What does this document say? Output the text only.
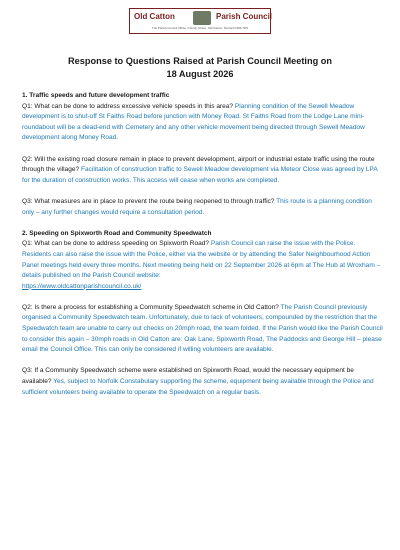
Old Catton	Parish Council
The Parish Council Office, Church Street, Old Catton, Norwich NR6 7DS
Response to Questions Raised at Parish Council Meeting on
18 August 2026

1. Traffic speeds and future development traffic

Q1: What can be done to address excessive vehicle speeds in this area? Planning condition of the Sewell Meadow development is to shut-off St Faiths Road before junction with Money Road. St Faiths Road from the Lodge Lane mini-roundabout will be a dead-end with Cemetery and any other vehicle movement being directed through Sewell Meadow development along Money Road.

Q2: Will the existing road closure remain in place to prevent development, airport or industrial estate traffic using the route through the village? Facilitation of construction traffic to Sewell Meadow development via Meteor Close was agreed by LPA for the duration of construction works. This access will cease when works are completed.

Q3: What measures are in place to prevent the route being reopened to through traffic? This route is a planning condition only – any further changes would require a consultation period.

2. Speeding on Spixworth Road and Community Speedwatch

Q1: What can be done to address speeding on Spixworth Road? Parish Council can raise the issue with the Police. Residents can also raise the issue with the Police, either via the website or by attending the Safer Neighbourhood Action Panel meetings held every three months. Next meeting being held on 22 September 2026 at 6pm at The Hub at Wroxham – details published on the Parish Council website:
https://www.oldcattonparishcouncil.co.uk/

Q2: Is there a process for establishing a Community Speedwatch scheme in Old Catton? The Parish Council previously organised a Community Speedwatch team. Unfortunately, due to lack of volunteers, compounded by the restriction that the Speedwatch team are unable to carry out checks on 20mph road, the team folded. If the Parish would like the Parish Council to consider this again – 30mph roads in Old Catton are: Oak Lane, Spixworth Road, The Paddocks and George Hill – please email the Council Office. This can only be considered if willing volunteers are available.

Q3: If a Community Speedwatch scheme were established on Spixworth Road, would the necessary equipment be available? Yes, subject to Norfolk Constabulary supporting the scheme, equipment being available through the Police and sufficient volunteers being available to operate the Speedwatch on a regular basis.
